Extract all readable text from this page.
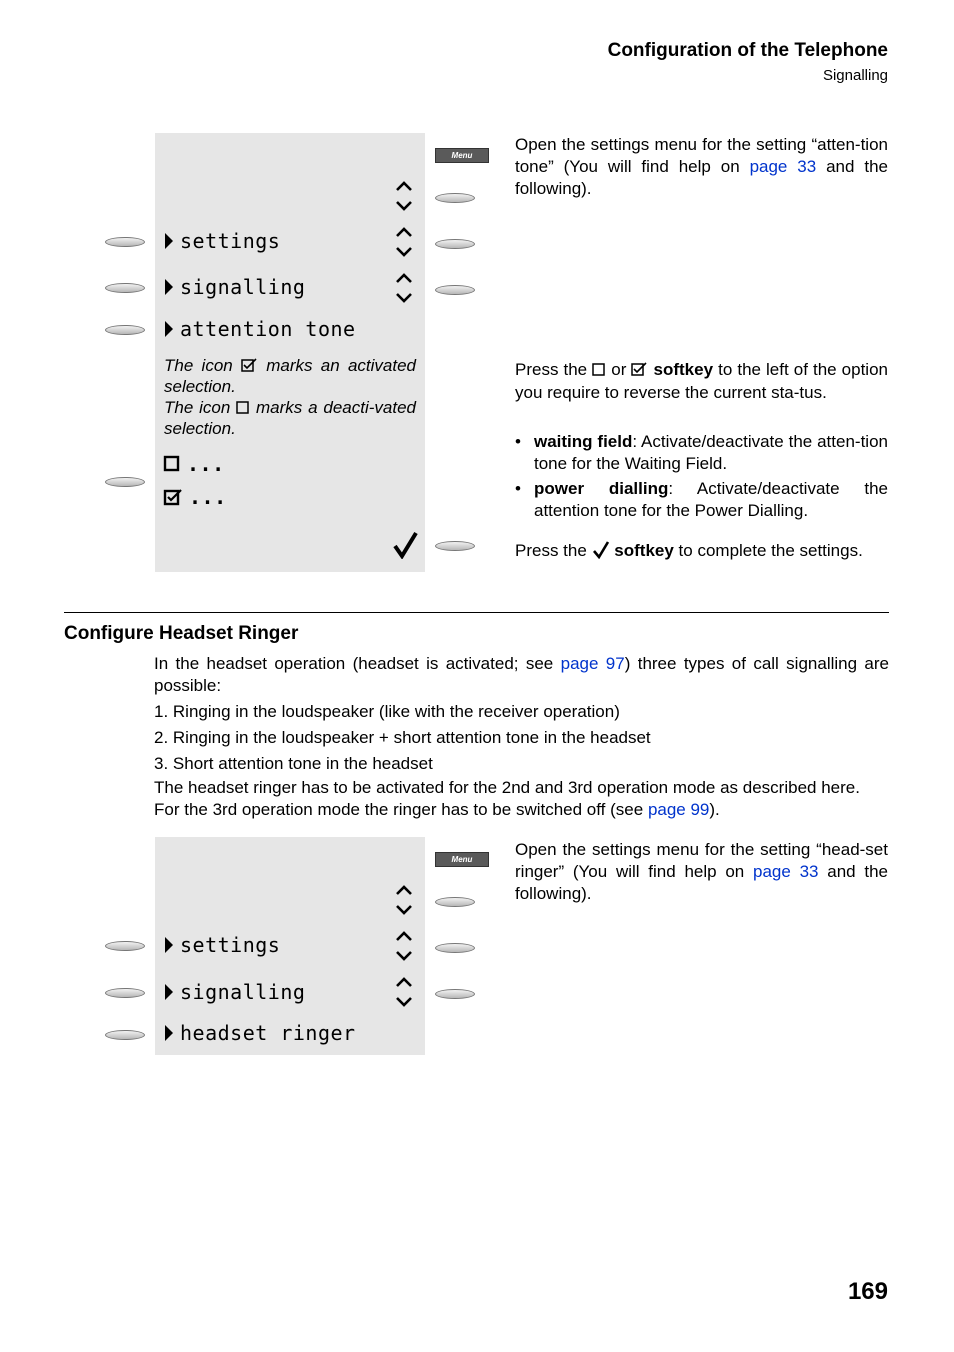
Configuration of the Telephone
Signalling
Menu
settings
signalling
attention tone
The icon marks an activated selection.
The icon marks a deacti-vated selection.
...
...
Open the settings menu for the setting “atten-tion tone” (You will find help on page 33 and the following).
Press the or softkey to the left of the option you require to reverse the current sta-tus.
• waiting field: Activate/deactivate the atten-tion tone for the Waiting Field.
• power dialling: Activate/deactivate the attention tone for the Power Dialling.
Press the softkey to complete the settings.
Configure Headset Ringer
In the headset operation (headset is activated; see page 97) three types of call signalling are possible:
1. Ringing in the loudspeaker (like with the receiver operation)
2. Ringing in the loudspeaker + short attention tone in the headset
3. Short attention tone in the headset
The headset ringer has to be activated for the 2nd and 3rd operation mode as described here. For the 3rd operation mode the ringer has to be switched off (see page 99).
Menu
settings
signalling
headset ringer
Open the settings menu for the setting “head-set ringer” (You will find help on page 33 and the following).
169
